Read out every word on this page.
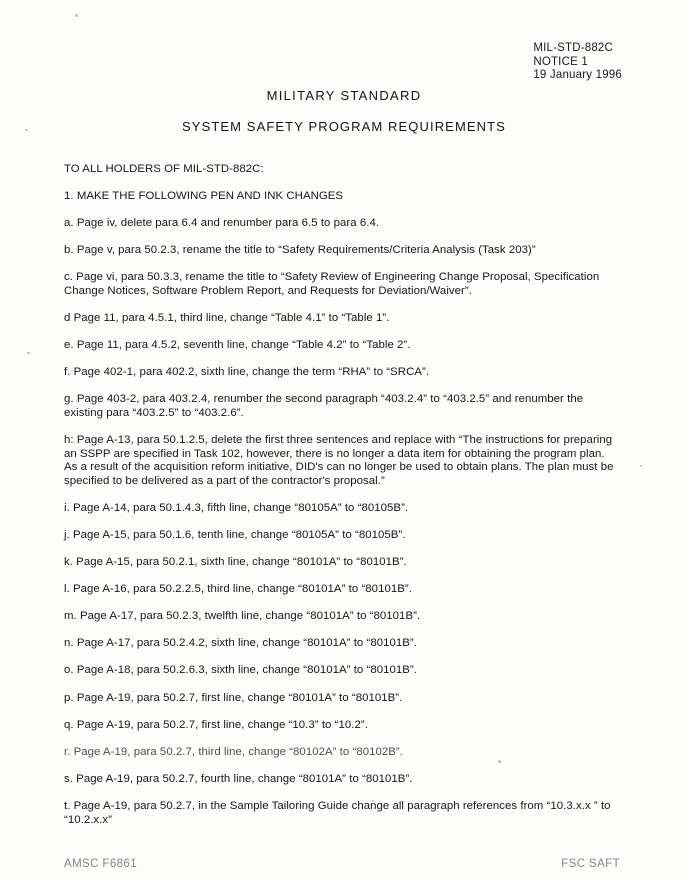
MIL-STD-882C
NOTICE 1
19 January 1996
MILITARY STANDARD
SYSTEM SAFETY PROGRAM REQUIREMENTS

TO ALL HOLDERS OF MIL-STD-882C:

1. MAKE THE FOLLOWING PEN AND INK CHANGES

a. Page iv, delete para 6.4 and renumber para 6.5 to para 6.4.

b. Page v, para 50.2.3, rename the title to “Safety Requirements/Criteria Analysis (Task 203)”

c. Page vi, para 50.3.3, rename the title to “Safety Review of Engineering Change Proposal, Specification Change Notices, Software Problem Report, and Requests for Deviation/Waiver”.

d Page 11, para 4.5.1, third line, change “Table 4.1” to “Table 1”.

e. Page 11, para 4.5.2, seventh line, change “Table 4.2” to “Table 2”.

f. Page 402-1, para 402.2, sixth line, change the term “RHA” to “SRCA”.

g. Page 403-2, para 403.2.4, renumber the second paragraph “403.2.4” to “403.2.5” and renumber the existing para “403.2.5” to “403.2.6”.

h: Page A-13, para 50.1.2.5, delete the first three sentences and replace with “The instructions for preparing an SSPP are specified in Task 102, however, there is no longer a data item for obtaining the program plan. As a result of the acquisition reform initiative, DID's can no longer be used to obtain plans. The plan must be specified to be delivered as a part of the contractor's proposal.”

i. Page A-14, para 50.1.4.3, fifth line, change “80105A” to “80105B”.

j. Page A-15, para 50.1.6, tenth line, change “80105A” to “80105B”.

k. Page A-15, para 50.2.1, sixth line, change “80101A” to “80101B”.

l. Page A-16, para 50.2.2.5, third line, change “80101A” to “80101B”.

m. Page A-17, para 50.2.3, twelfth line, change “80101A” to “80101B”.

n. Page A-17, para 50.2.4.2, sixth line, change “80101A” to “80101B”.

o. Page A-18, para 50.2.6.3, sixth line, change “80101A” to “80101B”.

p. Page A-19, para 50.2.7, first line, change “80101A” to “80101B”.

q. Page A-19, para 50.2.7, first line, change “10.3” to “10.2”.

r. Page A-19, para 50.2.7, third line, change “80102A” to “80102B”.

s. Page A-19, para 50.2.7, fourth line, change “80101A” to “80101B”.

t. Page A-19, para 50.2.7, in the Sample Tailoring Guide change all paragraph references from “10.3.x.x ” to “10.2.x.x”

AMSC F6861	FSC SAFT
